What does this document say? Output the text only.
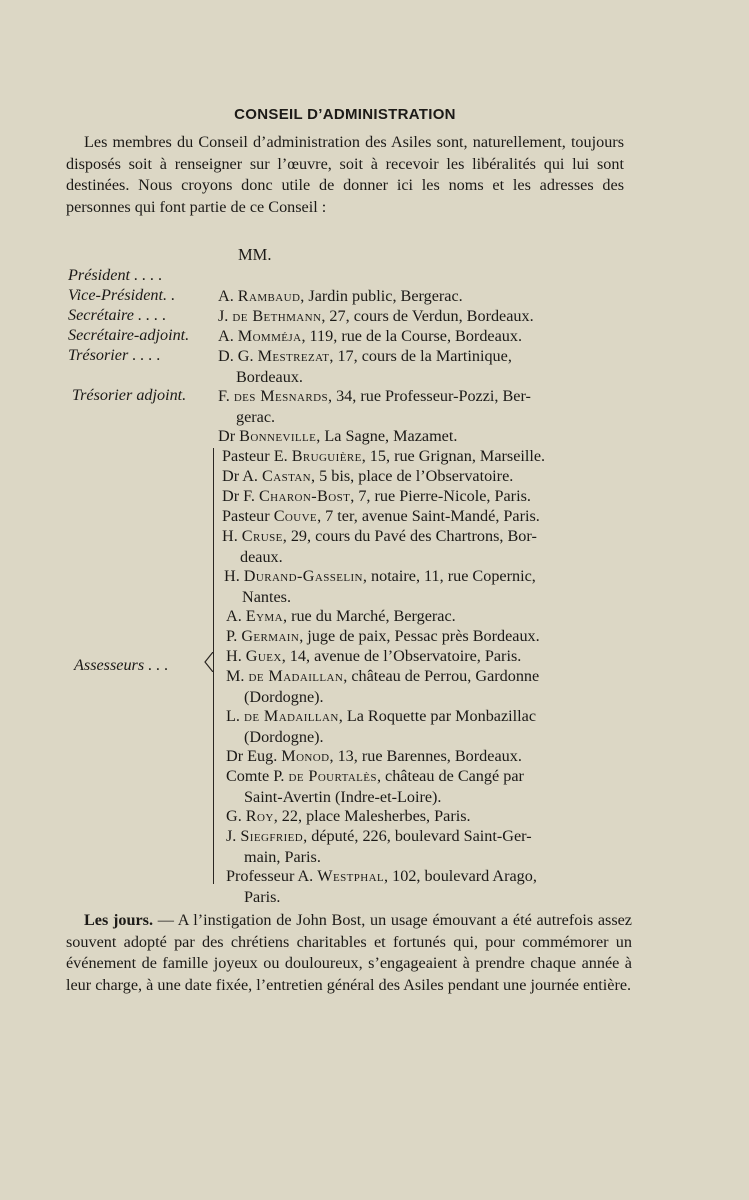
CONSEIL D’ADMINISTRATION

Les membres du Conseil d’administration des Asiles sont, naturellement, toujours disposés soit à renseigner sur l’œuvre, soit à recevoir les libéralités qui lui sont destinées. Nous croyons donc utile de donner ici les noms et les adresses des personnes qui font partie de ce Conseil :

MM.
Président . . . .
Vice-Président. .
Secrétaire . . . .
Secrétaire-adjoint.
Trésorier . . . .
Trésorier adjoint.
Assesseurs . . .
A. Rambaud, Jardin public, Bergerac.
J. de Bethmann, 27, cours de Verdun, Bordeaux.
A. Momméja, 119, rue de la Course, Bordeaux.
D. G. Mestrezat, 17, cours de la Martinique,
Bordeaux.
F. des Mesnards, 34, rue Professeur-Pozzi, Ber-
gerac.
Dr Bonneville, La Sagne, Mazamet.
Pasteur E. Bruguière, 15, rue Grignan, Marseille.
Dr A. Castan, 5 bis, place de l’Observatoire.
Dr F. Charon-Bost, 7, rue Pierre-Nicole, Paris.
Pasteur Couve, 7 ter, avenue Saint-Mandé, Paris.
H. Cruse, 29, cours du Pavé des Chartrons, Bor-
deaux.
H. Durand-Gasselin, notaire, 11, rue Copernic,
Nantes.
A. Eyma, rue du Marché, Bergerac.
P. Germain, juge de paix, Pessac près Bordeaux.
H. Guex, 14, avenue de l’Observatoire, Paris.
M. de Madaillan, château de Perrou, Gardonne
(Dordogne).
L. de Madaillan, La Roquette par Monbazillac
(Dordogne).
Dr Eug. Monod, 13, rue Barennes, Bordeaux.
Comte P. de Pourtalès, château de Cangé par
Saint-Avertin (Indre-et-Loire).
G. Roy, 22, place Malesherbes, Paris.
J. Siegfried, député, 226, boulevard Saint-Ger-
main, Paris.
Professeur A. Westphal, 102, boulevard Arago,
Paris.

Les jours. — A l’instigation de John Bost, un usage émouvant a été autrefois assez souvent adopté par des chrétiens charitables et fortunés qui, pour commémorer un événement de famille joyeux ou douloureux, s’engageaient à prendre chaque année à leur charge, à une date fixée, l’entretien général des Asiles pendant une journée entière.
